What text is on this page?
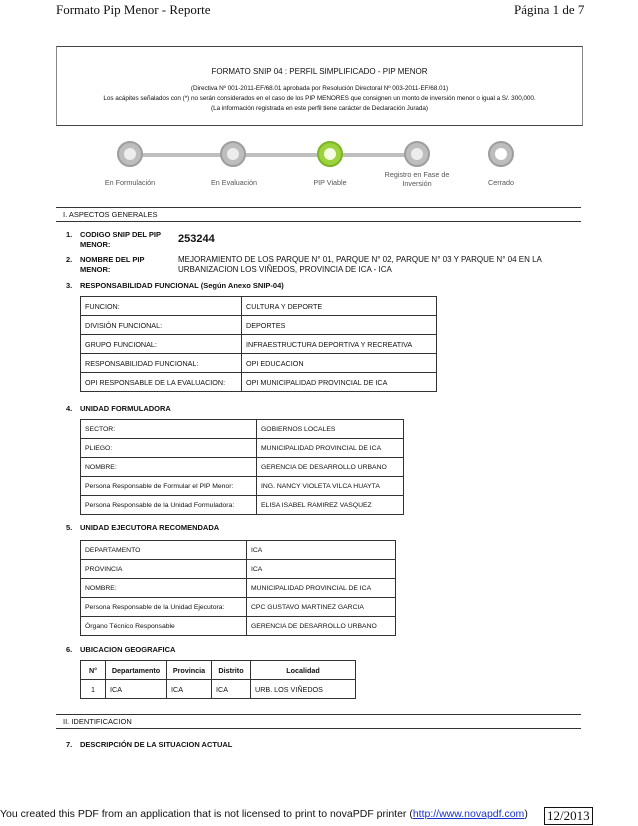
Formato Pip Menor - Reporte	Página 1 de 7
FORMATO SNIP 04 : PERFIL SIMPLIFICADO - PIP MENOR
(Directiva Nº 001-2011-EF/68.01 aprobada por Resolución Directoral Nº 003-2011-EF/68.01)
Los acápites señalados con (*) no serán considerados en el caso de los PIP MENORES que consignen un monto de inversión menor o igual a S/. 300,000.
(La información registrada en este perfil tiene carácter de Declaración Jurada)
En Formulación	En Evaluación	PIP Viable
Registro en Fase de Inversión	Cerrado
I. ASPECTOS GENERALES
1. CODIGO SNIP DEL PIP
MENOR:	253244
2. NOMBRE DEL PIP
MENOR:
MEJORAMIENTO DE LOS PARQUE N° 01, PARQUE N° 02, PARQUE N° 03 Y PARQUE N° 04 EN LA
URBANIZACION LOS VIÑEDOS, PROVINCIA DE ICA - ICA
3. RESPONSABILIDAD FUNCIONAL (Según Anexo SNIP-04)
FUNCION:	CULTURA Y DEPORTE
DIVISIÓN FUNCIONAL:	DEPORTES
GRUPO FUNCIONAL:	INFRAESTRUCTURA DEPORTIVA Y RECREATIVA
RESPONSABILIDAD FUNCIONAL:	OPI EDUCACION
OPI RESPONSABLE DE LA EVALUACION:	OPI MUNICIPALIDAD PROVINCIAL DE ICA
4. UNIDAD FORMULADORA
SECTOR:	GOBIERNOS LOCALES
PLIEGO:	MUNICIPALIDAD PROVINCIAL DE ICA
NOMBRE:	GERENCIA DE DESARROLLO URBANO
Persona Responsable de Formular el PIP Menor:	ING. NANCY VIOLETA VILCA HUAYTA
Persona Responsable de la Unidad Formuladora:	ELISA ISABEL RAMIREZ VASQUEZ
5. UNIDAD EJECUTORA RECOMENDADA
DEPARTAMENTO	ICA
PROVINCIA	ICA
NOMBRE:	MUNICIPALIDAD PROVINCIAL DE ICA
Persona Responsable de la Unidad Ejecutora:	CPC GUSTAVO MARTINEZ GARCIA
Órgano Técnico Responsable	GERENCIA DE DESARROLLO URBANO
6. UBICACION GEOGRAFICA
N°	Departamento	Provincia	Distrito	Localidad
1	ICA	ICA	ICA	URB. LOS VIÑEDOS
II. IDENTIFICACION
7. DESCRIPCIÓN DE LA SITUACION ACTUAL
You created this PDF from an application that is not licensed to print to novaPDF printer (http://www.novapdf.com) 12/2013
